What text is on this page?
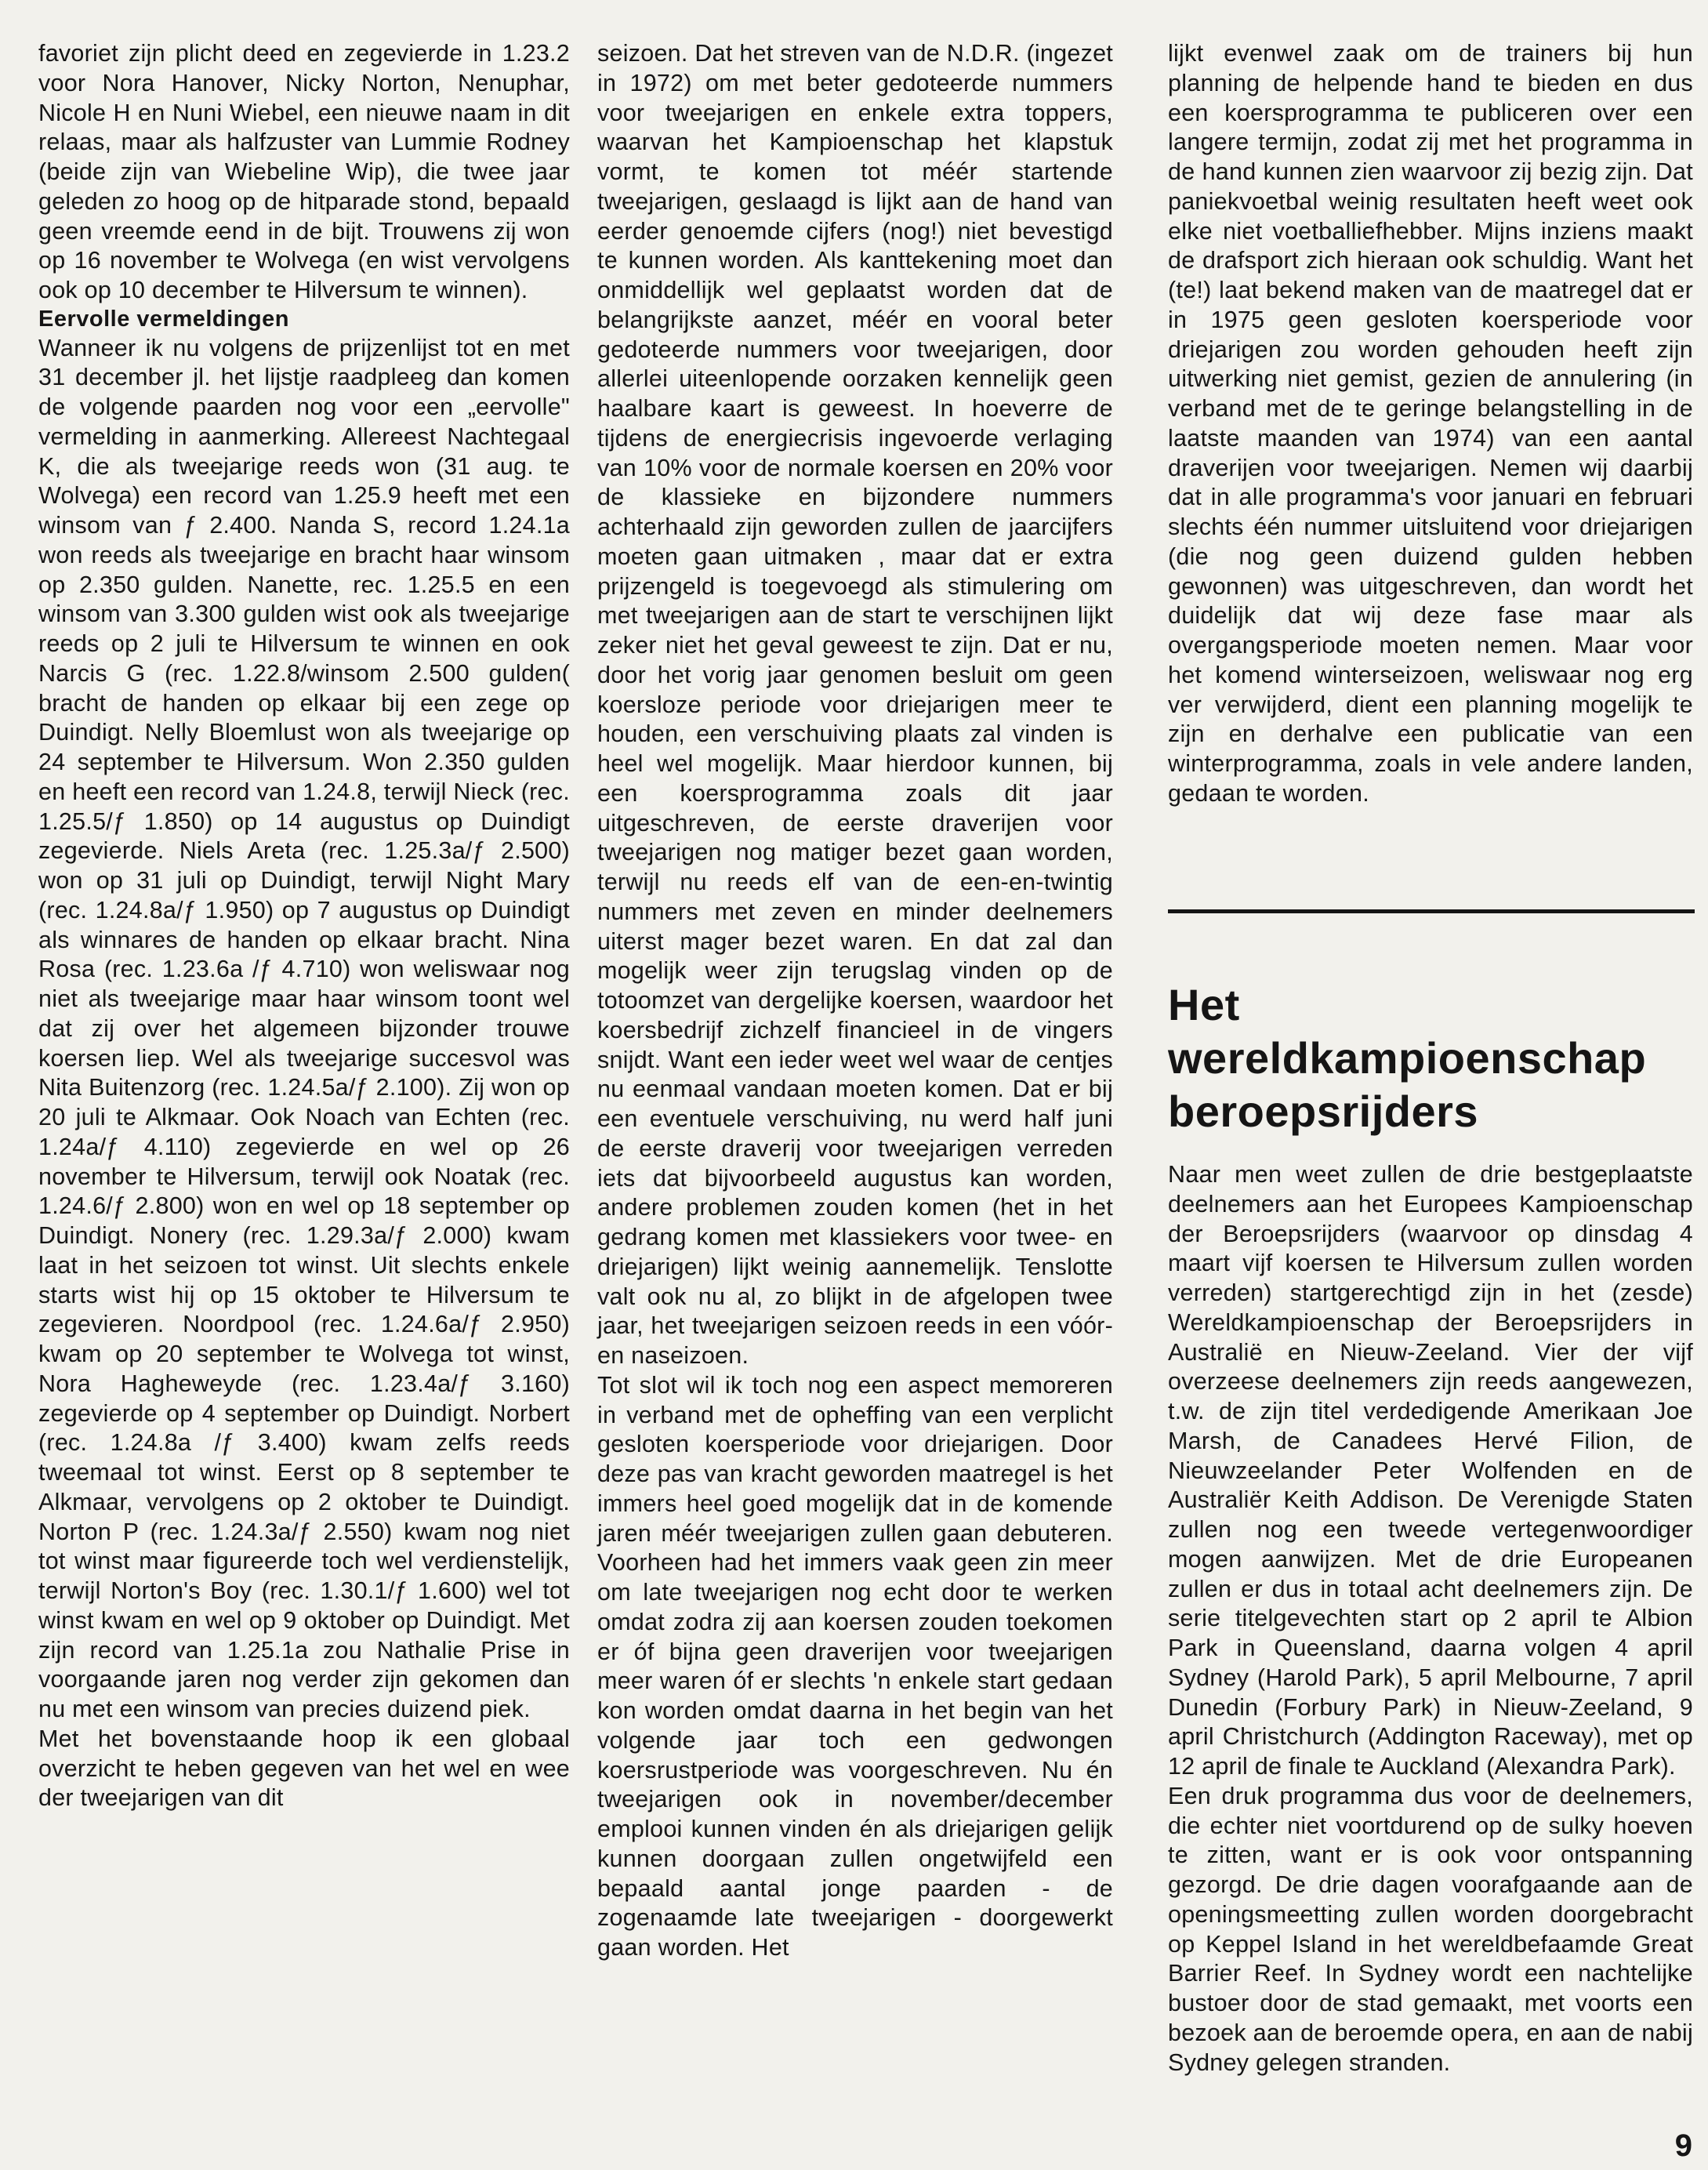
favoriet zijn plicht deed en zegevierde in 1.23.2 voor Nora Hanover, Nicky Norton, Nenuphar, Nicole H en Nuni Wiebel, een nieuwe naam in dit relaas, maar als halfzuster van Lummie Rodney (beide zijn van Wiebeline Wip), die twee jaar geleden zo hoog op de hitparade stond, bepaald geen vreemde eend in de bijt. Trouwens zij won op 16 november te Wolvega (en wist vervolgens ook op 10 december te Hilversum te winnen).

Eervolle vermeldingen

Wanneer ik nu volgens de prijzenlijst tot en met 31 december jl. het lijstje raadpleeg dan komen de volgende paarden nog voor een „eervolle" vermelding in aanmerking. Allereest Nachtegaal K, die als tweejarige reeds won (31 aug. te Wolvega) een record van 1.25.9 heeft met een winsom van ƒ 2.400. Nanda S, record 1.24.1a won reeds als tweejarige en bracht haar winsom op 2.350 gulden. Nanette, rec. 1.25.5 en een winsom van 3.300 gulden wist ook als tweejarige reeds op 2 juli te Hilversum te winnen en ook Narcis G (rec. 1.22.8/winsom 2.500 gulden( bracht de handen op elkaar bij een zege op Duindigt. Nelly Bloemlust won als tweejarige op 24 september te Hilversum. Won 2.350 gulden en heeft een record van 1.24.8, terwijl Nieck (rec. 1.25.5/ƒ 1.850) op 14 augustus op Duindigt zegevierde. Niels Areta (rec. 1.25.3a/ƒ 2.500) won op 31 juli op Duindigt, terwijl Night Mary (rec. 1.24.8a/ƒ 1.950) op 7 augustus op Duindigt als winnares de handen op elkaar bracht. Nina Rosa (rec. 1.23.6a /ƒ 4.710) won weliswaar nog niet als tweejarige maar haar winsom toont wel dat zij over het algemeen bijzonder trouwe koersen liep. Wel als tweejarige succesvol was Nita Buitenzorg (rec. 1.24.5a/ƒ 2.100). Zij won op 20 juli te Alkmaar. Ook Noach van Echten (rec. 1.24a/ƒ 4.110) zegevierde en wel op 26 november te Hilversum, terwijl ook Noatak (rec. 1.24.6/ƒ 2.800) won en wel op 18 september op Duindigt. Nonery (rec. 1.29.3a/ƒ 2.000) kwam laat in het seizoen tot winst. Uit slechts enkele starts wist hij op 15 oktober te Hilversum te zegevieren. Noordpool (rec. 1.24.6a/ƒ 2.950) kwam op 20 september te Wolvega tot winst, Nora Hagheweyde (rec. 1.23.4a/ƒ 3.160) zegevierde op 4 september op Duindigt. Norbert (rec. 1.24.8a /ƒ 3.400) kwam zelfs reeds tweemaal tot winst. Eerst op 8 september te Alkmaar, vervolgens op 2 oktober te Duindigt. Norton P (rec. 1.24.3a/ƒ 2.550) kwam nog niet tot winst maar figureerde toch wel verdienstelijk, terwijl Norton's Boy (rec. 1.30.1/ƒ 1.600) wel tot winst kwam en wel op 9 oktober op Duindigt. Met zijn record van 1.25.1a zou Nathalie Prise in voorgaande jaren nog verder zijn gekomen dan nu met een winsom van precies duizend piek.

Met het bovenstaande hoop ik een globaal overzicht te heben gegeven van het wel en wee der tweejarigen van dit

seizoen. Dat het streven van de N.D.R. (ingezet in 1972) om met beter gedoteerde nummers voor tweejarigen en enkele extra toppers, waarvan het Kampioenschap het klapstuk vormt, te komen tot méér startende tweejarigen, geslaagd is lijkt aan de hand van eerder genoemde cijfers (nog!) niet bevestigd te kunnen worden. Als kanttekening moet dan onmiddellijk wel geplaatst worden dat de belangrijkste aanzet, méér en vooral beter gedoteerde nummers voor tweejarigen, door allerlei uiteenlopende oorzaken kennelijk geen haalbare kaart is geweest. In hoeverre de tijdens de energiecrisis ingevoerde verlaging van 10% voor de normale koersen en 20% voor de klassieke en bijzondere nummers achterhaald zijn geworden zullen de jaarcijfers moeten gaan uitmaken , maar dat er extra prijzengeld is toegevoegd als stimulering om met tweejarigen aan de start te verschijnen lijkt zeker niet het geval geweest te zijn. Dat er nu, door het vorig jaar genomen besluit om geen koersloze periode voor driejarigen meer te houden, een verschuiving plaats zal vinden is heel wel mogelijk. Maar hierdoor kunnen, bij een koersprogramma zoals dit jaar uitgeschreven, de eerste draverijen voor tweejarigen nog matiger bezet gaan worden, terwijl nu reeds elf van de een-en-twintig nummers met zeven en minder deelnemers uiterst mager bezet waren. En dat zal dan mogelijk weer zijn terugslag vinden op de totoomzet van dergelijke koersen, waardoor het koersbedrijf zichzelf financieel in de vingers snijdt. Want een ieder weet wel waar de centjes nu eenmaal vandaan moeten komen. Dat er bij een eventuele verschuiving, nu werd half juni de eerste draverij voor tweejarigen verreden iets dat bijvoorbeeld augustus kan worden, andere problemen zouden komen (het in het gedrang komen met klassiekers voor twee- en driejarigen) lijkt weinig aannemelijk. Tenslotte valt ook nu al, zo blijkt in de afgelopen twee jaar, het tweejarigen seizoen reeds in een vóór- en naseizoen.

Tot slot wil ik toch nog een aspect memoreren in verband met de opheffing van een verplicht gesloten koersperiode voor driejarigen. Door deze pas van kracht geworden maatregel is het immers heel goed mogelijk dat in de komende jaren méér tweejarigen zullen gaan debuteren. Voorheen had het immers vaak geen zin meer om late tweejarigen nog echt door te werken omdat zodra zij aan koersen zouden toekomen er óf bijna geen draverijen voor tweejarigen meer waren óf er slechts 'n enkele start gedaan kon worden omdat daarna in het begin van het volgende jaar toch een gedwongen koersrustperiode was voorgeschreven. Nu én tweejarigen ook in november/december emplooi kunnen vinden én als driejarigen gelijk kunnen doorgaan zullen ongetwijfeld een bepaald aantal jonge paarden - de zogenaamde late tweejarigen - doorgewerkt gaan worden. Het

lijkt evenwel zaak om de trainers bij hun planning de helpende hand te bieden en dus een koersprogramma te publiceren over een langere termijn, zodat zij met het programma in de hand kunnen zien waarvoor zij bezig zijn. Dat paniekvoetbal weinig resultaten heeft weet ook elke niet voetballiefhebber. Mijns inziens maakt de drafsport zich hieraan ook schuldig. Want het (te!) laat bekend maken van de maatregel dat er in 1975 geen gesloten koersperiode voor driejarigen zou worden gehouden heeft zijn uitwerking niet gemist, gezien de annulering (in verband met de te geringe belangstelling in de laatste maanden van 1974) van een aantal draverijen voor tweejarigen. Nemen wij daarbij dat in alle programma's voor januari en februari slechts één nummer uitsluitend voor driejarigen (die nog geen duizend gulden hebben gewonnen) was uitgeschreven, dan wordt het duidelijk dat wij deze fase maar als overgangsperiode moeten nemen. Maar voor het komend winterseizoen, weliswaar nog erg ver verwijderd, dient een planning mogelijk te zijn en derhalve een publicatie van een winterprogramma, zoals in vele andere landen, gedaan te worden.

Het wereldkampioenschap beroepsrijders

Naar men weet zullen de drie bestgeplaatste deelnemers aan het Europees Kampioenschap der Beroepsrijders (waarvoor op dinsdag 4 maart vijf koersen te Hilversum zullen worden verreden) startgerechtigd zijn in het (zesde) Wereldkampioenschap der Beroepsrijders in Australië en Nieuw-Zeeland. Vier der vijf overzeese deelnemers zijn reeds aangewezen, t.w. de zijn titel verdedigende Amerikaan Joe Marsh, de Canadees Hervé Filion, de Nieuwzeelander Peter Wolfenden en de Australiër Keith Addison. De Verenigde Staten zullen nog een tweede vertegenwoordiger mogen aanwijzen. Met de drie Europeanen zullen er dus in totaal acht deelnemers zijn. De serie titelgevechten start op 2 april te Albion Park in Queensland, daarna volgen 4 april Sydney (Harold Park), 5 april Melbourne, 7 april Dunedin (Forbury Park) in Nieuw-Zeeland, 9 april Christchurch (Addington Raceway), met op 12 april de finale te Auckland (Alexandra Park).

Een druk programma dus voor de deelnemers, die echter niet voortdurend op de sulky hoeven te zitten, want er is ook voor ontspanning gezorgd. De drie dagen voorafgaande aan de openingsmeetting zullen worden doorgebracht op Keppel Island in het wereldbefaamde Great Barrier Reef. In Sydney wordt een nachtelijke bustoer door de stad gemaakt, met voorts een bezoek aan de beroemde opera, en aan de nabij Sydney gelegen stranden.

9
